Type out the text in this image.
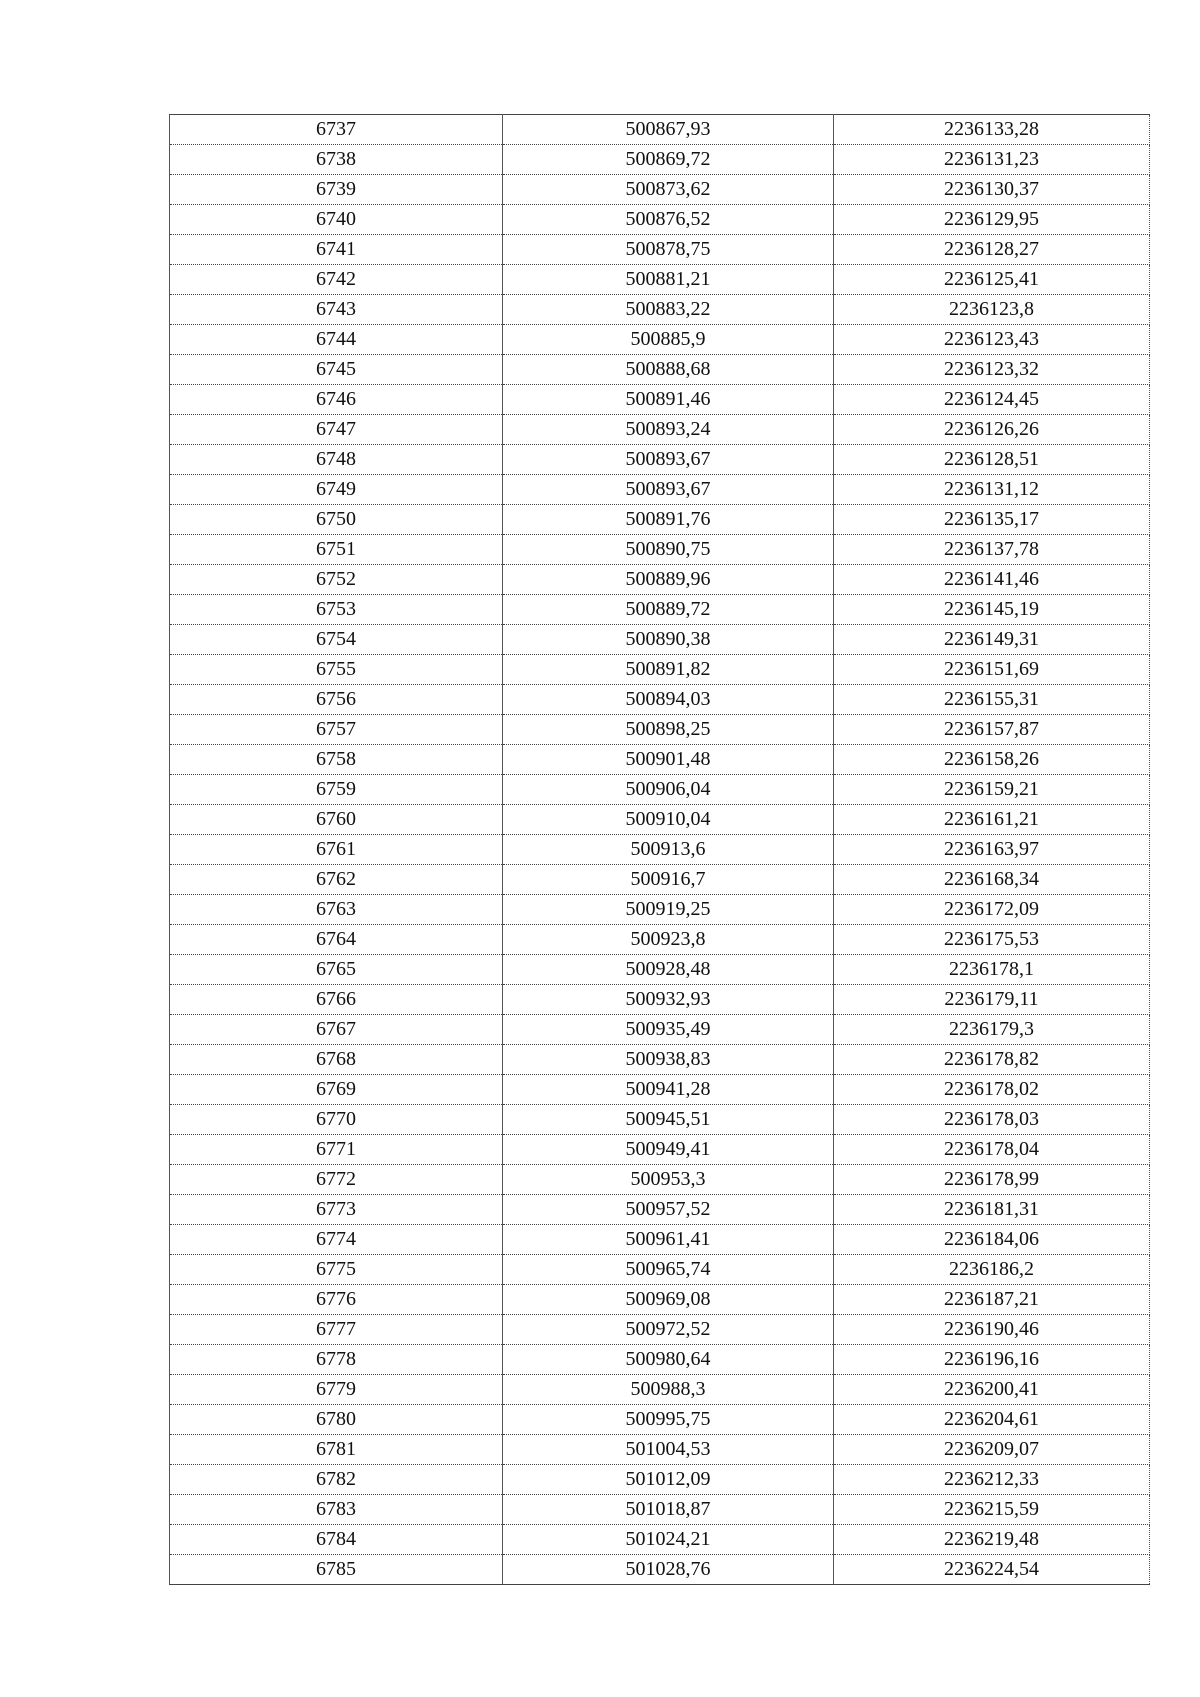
6737	500867,93	2236133,28
6738	500869,72	2236131,23
6739	500873,62	2236130,37
6740	500876,52	2236129,95
6741	500878,75	2236128,27
6742	500881,21	2236125,41
6743	500883,22	2236123,8
6744	500885,9	2236123,43
6745	500888,68	2236123,32
6746	500891,46	2236124,45
6747	500893,24	2236126,26
6748	500893,67	2236128,51
6749	500893,67	2236131,12
6750	500891,76	2236135,17
6751	500890,75	2236137,78
6752	500889,96	2236141,46
6753	500889,72	2236145,19
6754	500890,38	2236149,31
6755	500891,82	2236151,69
6756	500894,03	2236155,31
6757	500898,25	2236157,87
6758	500901,48	2236158,26
6759	500906,04	2236159,21
6760	500910,04	2236161,21
6761	500913,6	2236163,97
6762	500916,7	2236168,34
6763	500919,25	2236172,09
6764	500923,8	2236175,53
6765	500928,48	2236178,1
6766	500932,93	2236179,11
6767	500935,49	2236179,3
6768	500938,83	2236178,82
6769	500941,28	2236178,02
6770	500945,51	2236178,03
6771	500949,41	2236178,04
6772	500953,3	2236178,99
6773	500957,52	2236181,31
6774	500961,41	2236184,06
6775	500965,74	2236186,2
6776	500969,08	2236187,21
6777	500972,52	2236190,46
6778	500980,64	2236196,16
6779	500988,3	2236200,41
6780	500995,75	2236204,61
6781	501004,53	2236209,07
6782	501012,09	2236212,33
6783	501018,87	2236215,59
6784	501024,21	2236219,48
6785	501028,76	2236224,54
